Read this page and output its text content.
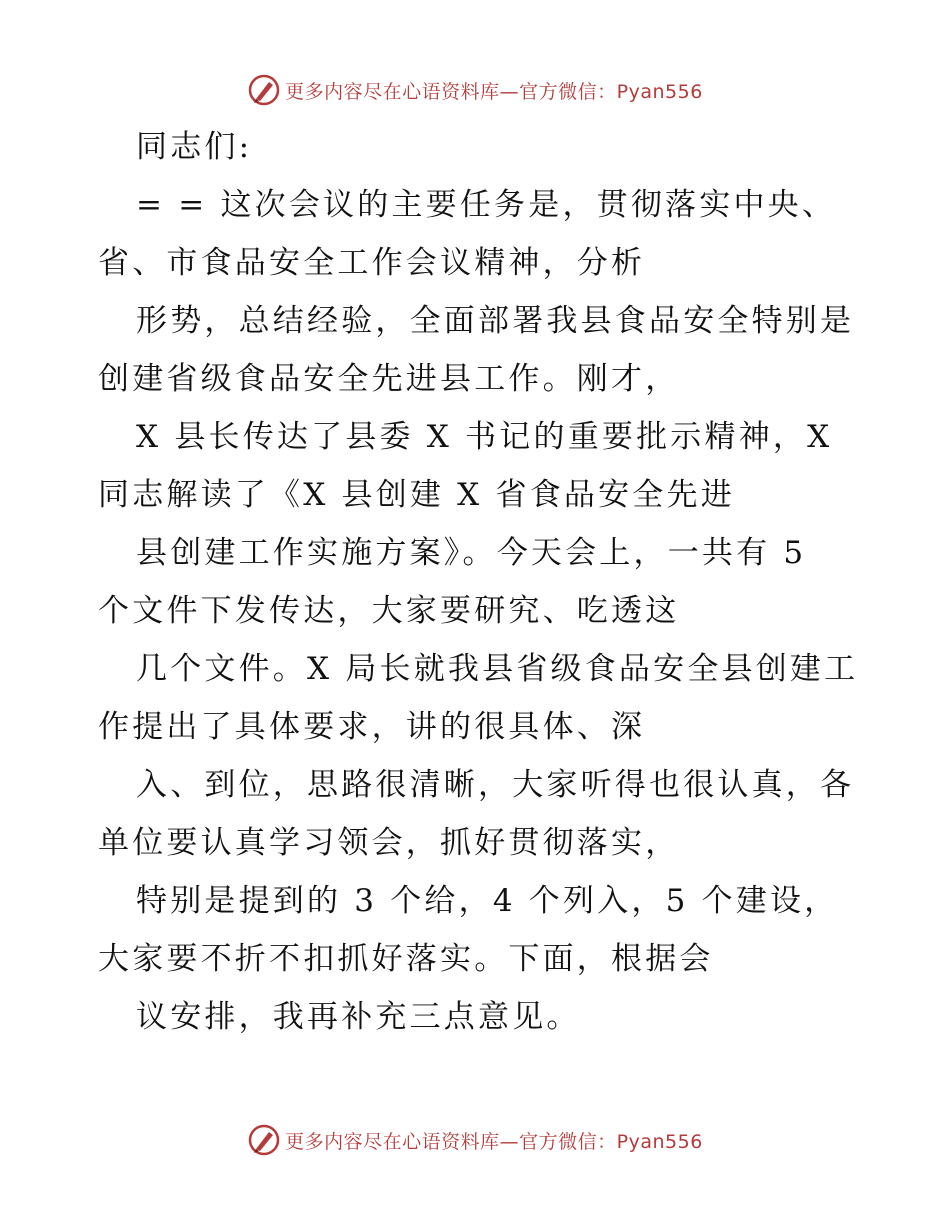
更多内容尽在心语资料库—官方微信：Pyan556
同志们:
= = 这次会议的主要任务是，贯彻落实中央、
省、市食品安全工作会议精神，分析
形势，总结经验，全面部署我县食品安全特别是
创建省级食品安全先进县工作。刚才，
X 县长传达了县委 X 书记的重要批示精神，X
同志解读了《X 县创建 X 省食品安全先进
县创建工作实施方案》。今天会上，一共有 5
个文件下发传达，大家要研究、吃透这
几个文件。X 局长就我县省级食品安全县创建工
作提出了具体要求，讲的很具体、深
入、到位，思路很清晰，大家听得也很认真，各
单位要认真学习领会，抓好贯彻落实，
特别是提到的 3 个给，4 个列入，5 个建设，
大家要不折不扣抓好落实。下面，根据会
议安排，我再补充三点意见。
更多内容尽在心语资料库—官方微信：Pyan556
